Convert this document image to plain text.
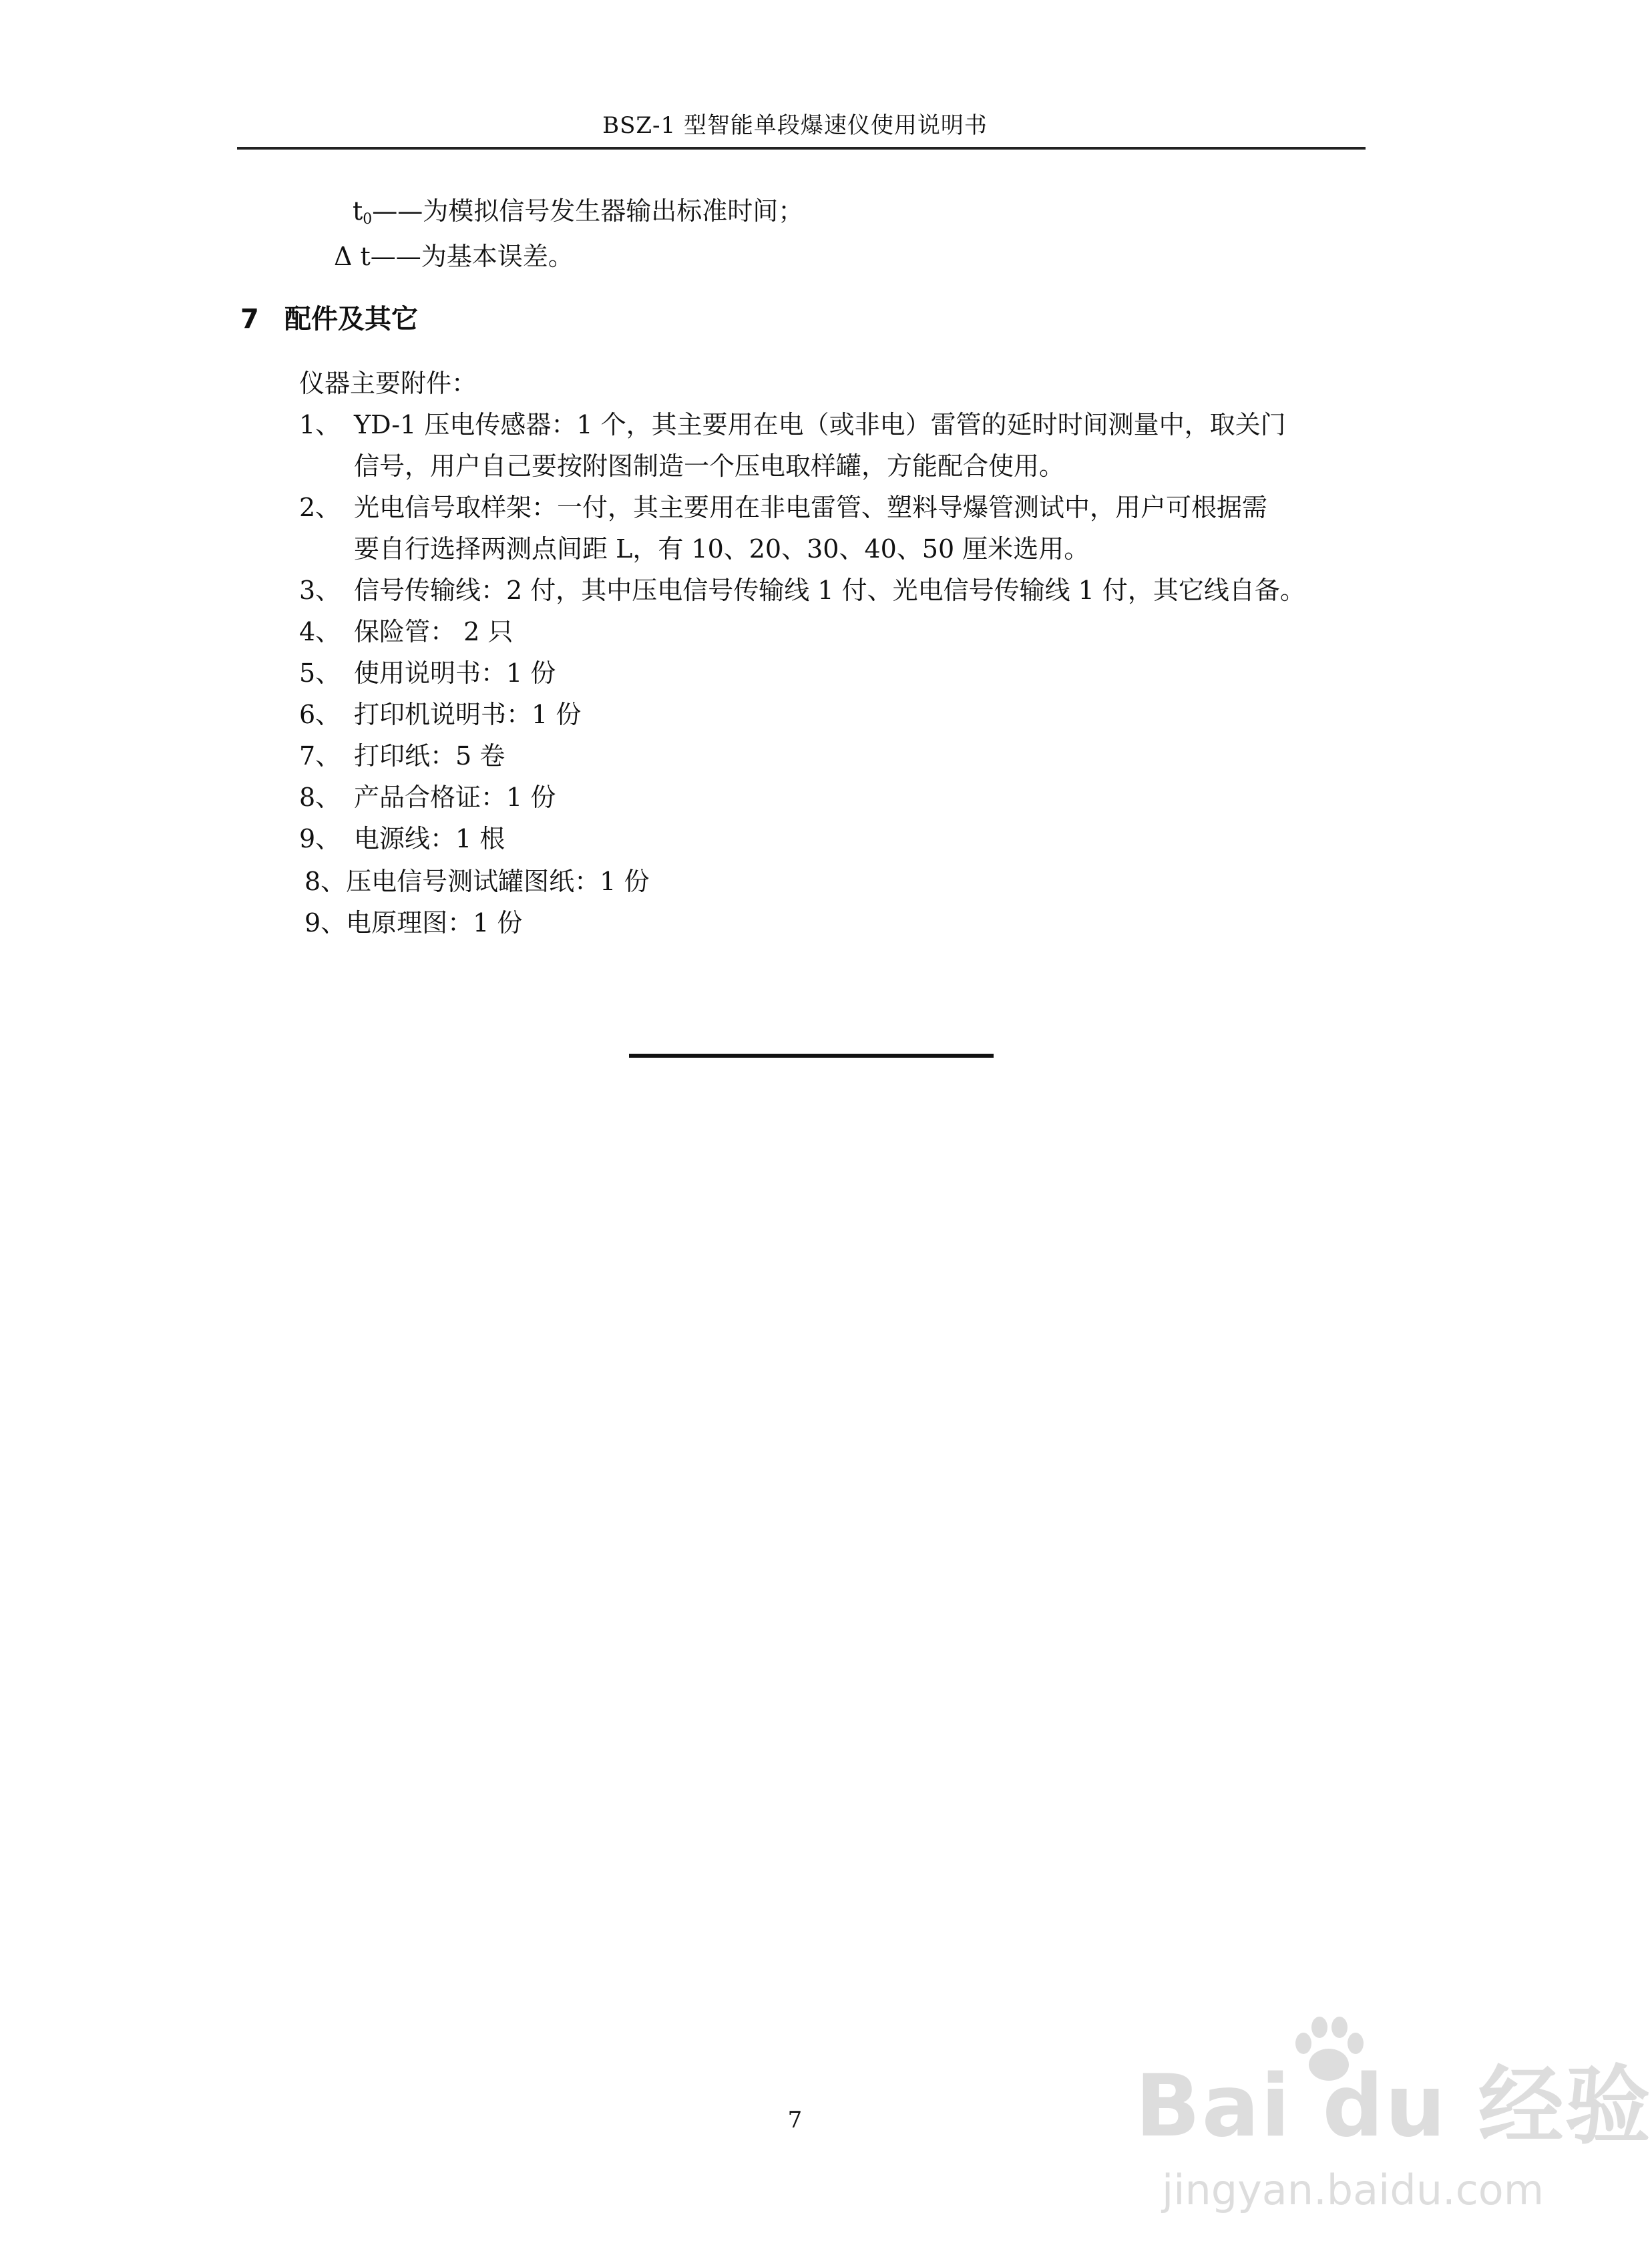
BSZ-1 型智能单段爆速仪使用说明书
t0——为模拟信号发生器输出标准时间；
Δ t——为基本误差。
7 配件及其它
仪器主要附件：
1、 YD-1 压电传感器：1 个，其主要用在电（或非电）雷管的延时时间测量中，取关门
信号，用户自己要按附图制造一个压电取样罐，方能配合使用。
2、 光电信号取样架：一付，其主要用在非电雷管、塑料导爆管测试中，用户可根据需
要自行选择两测点间距 L，有 10、20、30、40、50 厘米选用。
3、 信号传输线：2 付，其中压电信号传输线 1 付、光电信号传输线 1 付，其它线自备。
4、 保险管： 2 只
5、 使用说明书：1 份
6、 打印机说明书：1 份
7、 打印纸：5 卷
8、 产品合格证：1 份
9、 电源线：1 根
8、压电信号测试罐图纸：1 份
9、电原理图：1 份
7	Bai du 经验
jingyan.baidu.com
